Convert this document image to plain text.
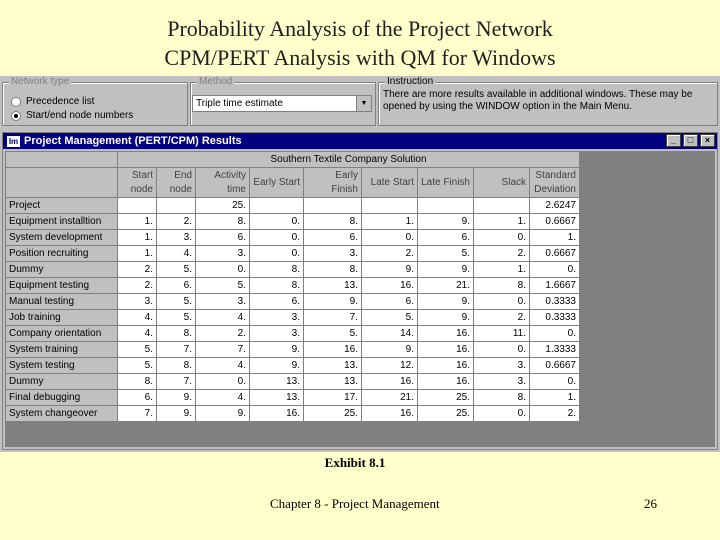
Probability Analysis of the Project Network
CPM/PERT Analysis with QM for Windows
Network type
Precedence list
Start/end node numbers
Method
Triple time estimate	▼
Instruction
There are more results available in additional windows. These may be opened by using the WINDOW option in the Main Menu.
Im Project Management (PERT/CPM) Results	_	□	×
	Southern Textile Company Solution								
	Start node	End node	Activity time	Early Start	Early Finish	Late Start	Late Finish	Slack	Standard Deviation
Project			25.						2.6247
Equipment installtion	1.	2.	8.	0.	8.	1.	9.	1.	0.6667
System development	1.	3.	6.	0.	6.	0.	6.	0.	1.
Position recruiting	1.	4.	3.	0.	3.	2.	5.	2.	0.6667
Dummy	2.	5.	0.	8.	8.	9.	9.	1.	0.
Equipment testing	2.	6.	5.	8.	13.	16.	21.	8.	1.6667
Manual testing	3.	5.	3.	6.	9.	6.	9.	0.	0.3333
Job training	4.	5.	4.	3.	7.	5.	9.	2.	0.3333
Company orientation	4.	8.	2.	3.	5.	14.	16.	11.	0.
System training	5.	7.	7.	9.	16.	9.	16.	0.	1.3333
System testing	5.	8.	4.	9.	13.	12.	16.	3.	0.6667
Dummy	8.	7.	0.	13.	13.	16.	16.	3.	0.
Final debugging	6.	9.	4.	13.	17.	21.	25.	8.	1.
System changeover	7.	9.	9.	16.	25.	16.	25.	0.	2.
Exhibit 8.1
Chapter 8 - Project Management	26
